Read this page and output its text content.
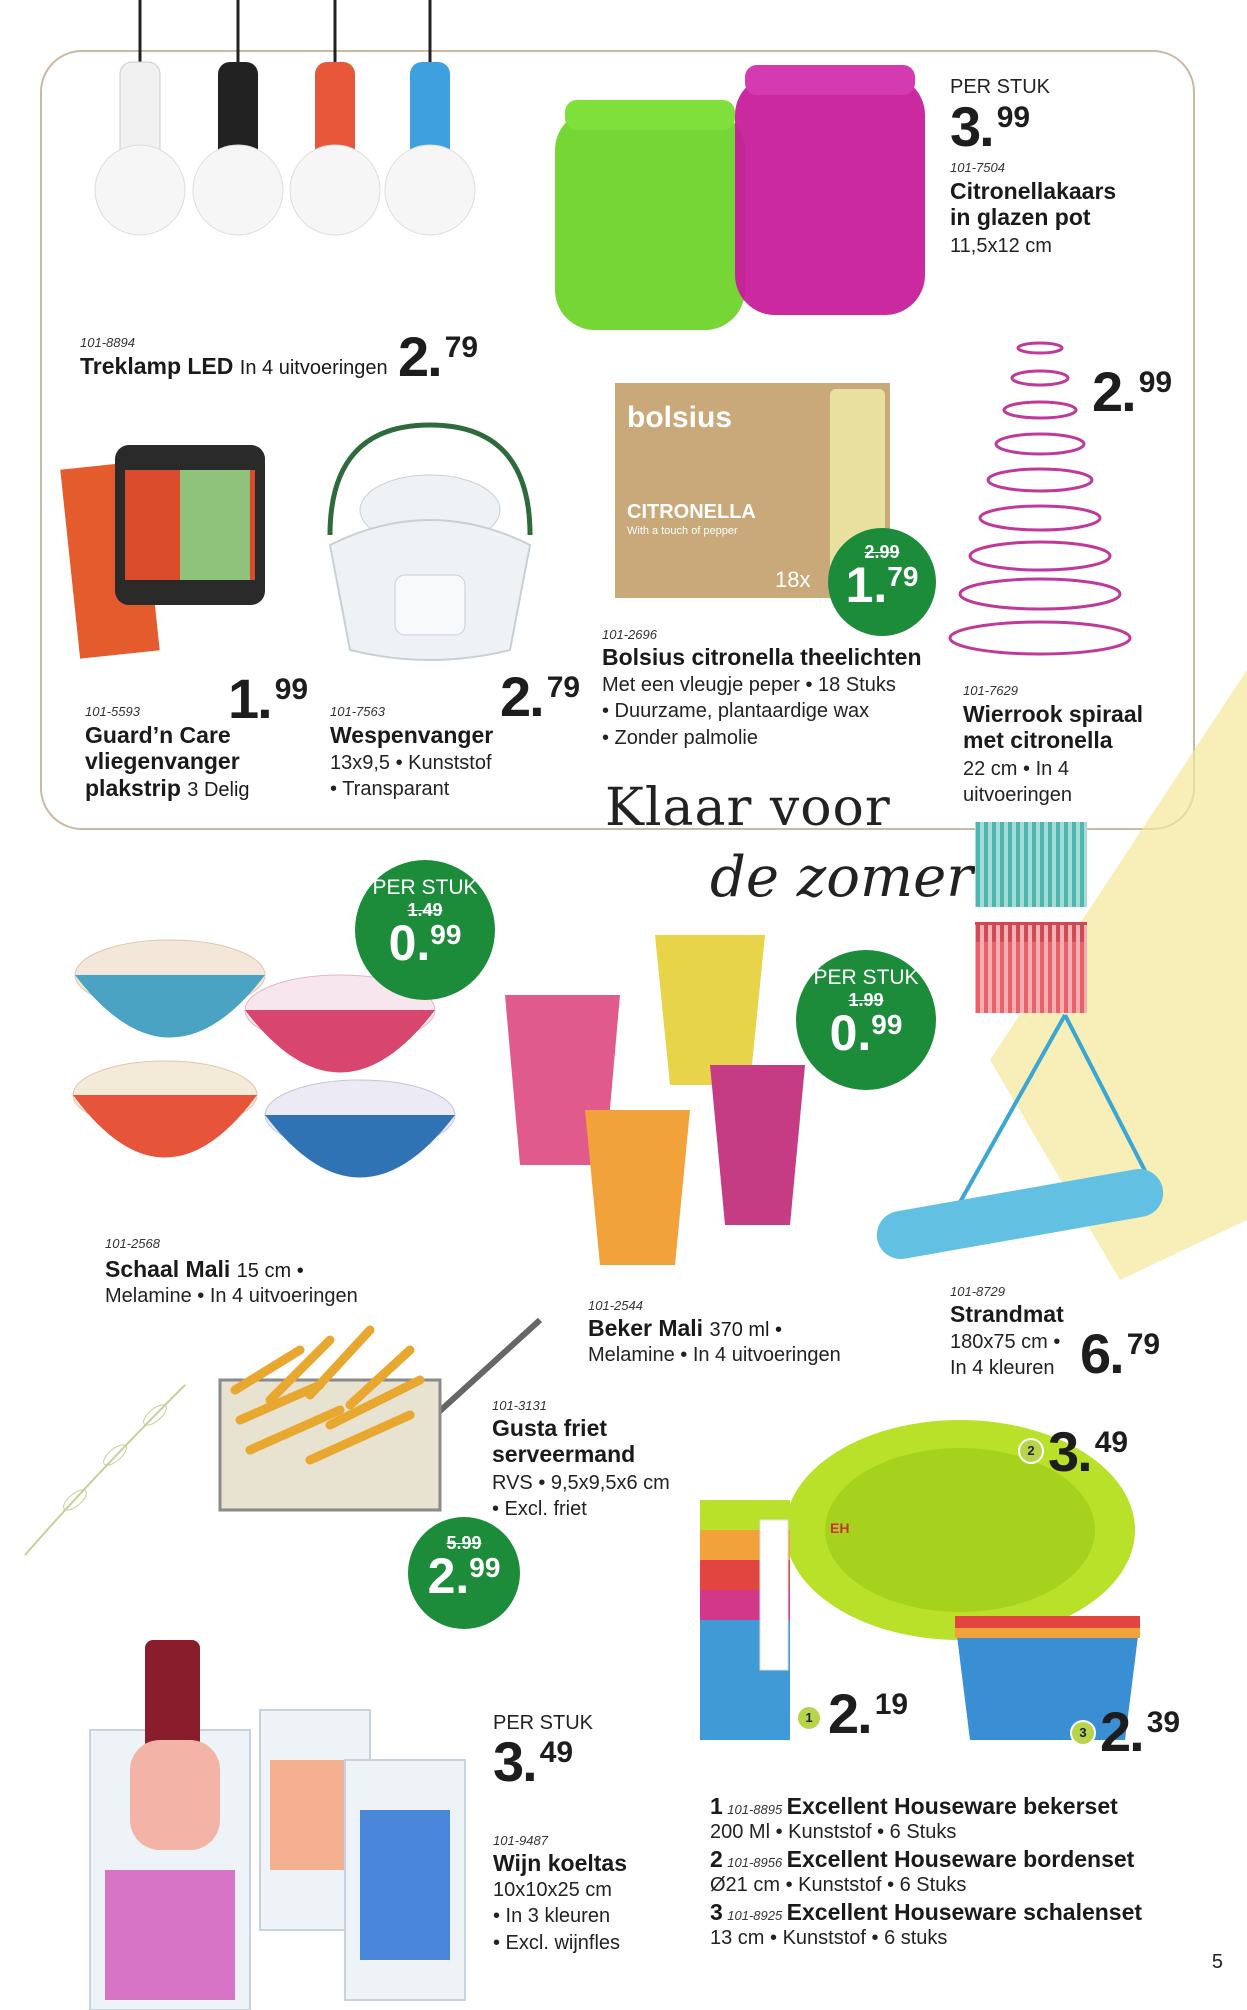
101-8894
Treklamp LED In 4 uitvoeringen 2 . 79
PER STUK
3 . 99
101-7504
Citronellakaars
in glazen pot
11,5x12 cm
bolsius
CITRONELLA
With a touch of pepper
18x
2.99
1 . 79
101-2696
Bolsius citronella theelichten
Met een vleugje peper • 18 Stuks
• Duurzame, plantaardige wax
• Zonder palmolie
2 . 99
101-7629
Wierrook spiraal
met citronella
22 cm • In 4
uitvoeringen
1 . 99
101-5593
Guard’n Care
vliegenvanger
plakstrip 3 Delig
2 . 79
101-7563
Wespenvanger
13x9,5 • Kunststof
• Transparant	Klaar voor
de zomer
PER STUK
1.49
0 . 99
101-2568
Schaal Mali 15 cm •
Melamine • In 4 uitvoeringen
PER STUK
1.99
0 . 99
101-2544
Beker Mali 370 ml •
Melamine • In 4 uitvoeringen
101-8729
Strandmat
180x75 cm •
In 4 kleuren 6 . 79
101-3131
Gusta friet
serveermand
RVS • 9,5x9,5x6 cm
• Excl. friet
5.99
2 . 99
PER STUK
3 . 49
101-9487
Wijn koeltas
10x10x25 cm
• In 3 kleuren
• Excl. wijnfles
EH
2 3 . 49
1 2 . 19
3 2 . 39
1 101-8895 Excellent Houseware bekerset
200 Ml • Kunststof • 6 Stuks
2 101-8956 Excellent Houseware bordenset
Ø21 cm • Kunststof • 6 Stuks
3 101-8925 Excellent Houseware schalenset
13 cm • Kunststof • 6 stuks
5
